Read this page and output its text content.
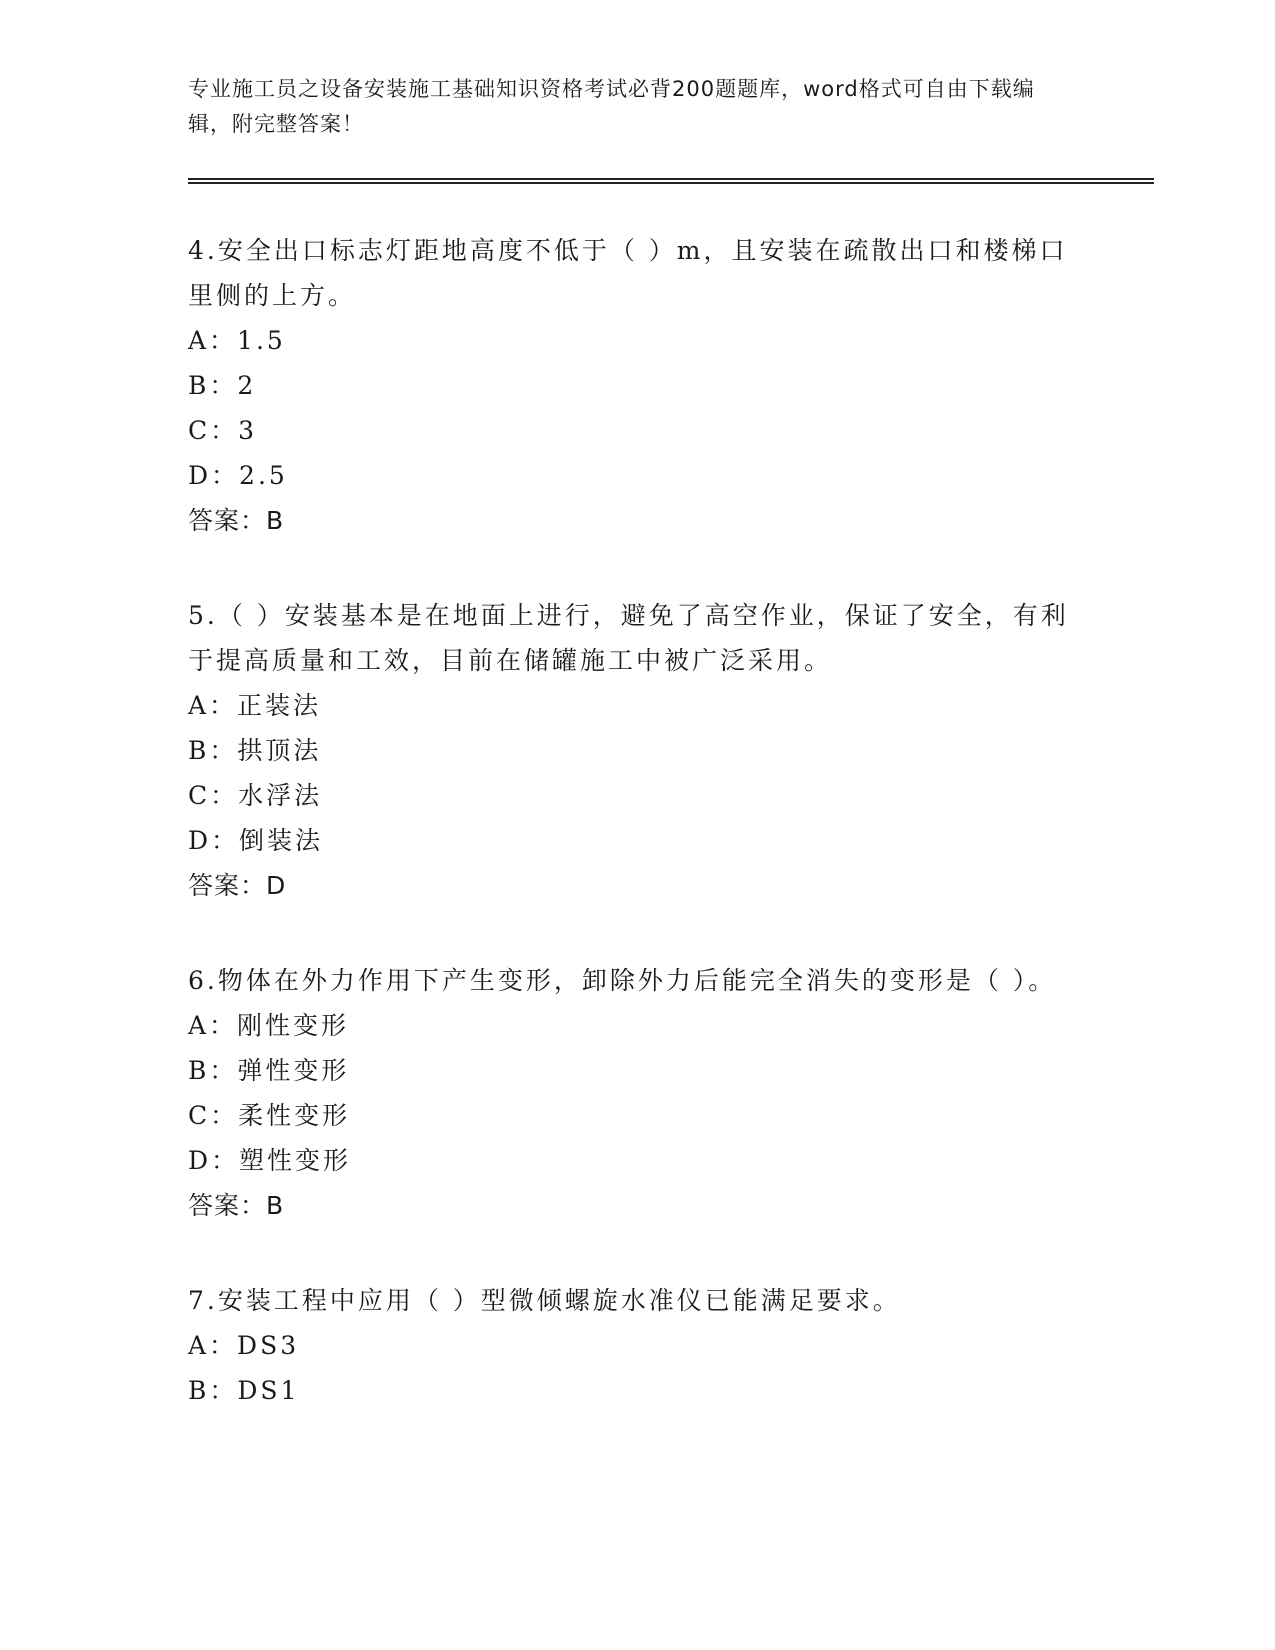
专业施工员之设备安装施工基础知识资格考试必背200题题库，word格式可自由下载编辑，附完整答案！

4.安全出口标志灯距地高度不低于（ ）m，且安装在疏散出口和楼梯口里侧的上方。

A：1.5

B：2

C：3

D：2.5

答案：B

5.（ ）安装基本是在地面上进行，避免了高空作业，保证了安全，有利于提高质量和工效，目前在储罐施工中被广泛采用。

A：正装法

B：拱顶法

C：水浮法

D：倒装法

答案：D

6.物体在外力作用下产生变形，卸除外力后能完全消失的变形是（ ）。

A：刚性变形

B：弹性变形

C：柔性变形

D：塑性变形

答案：B

7.安装工程中应用（ ）型微倾螺旋水准仪已能满足要求。

A：DS3

B：DS1
